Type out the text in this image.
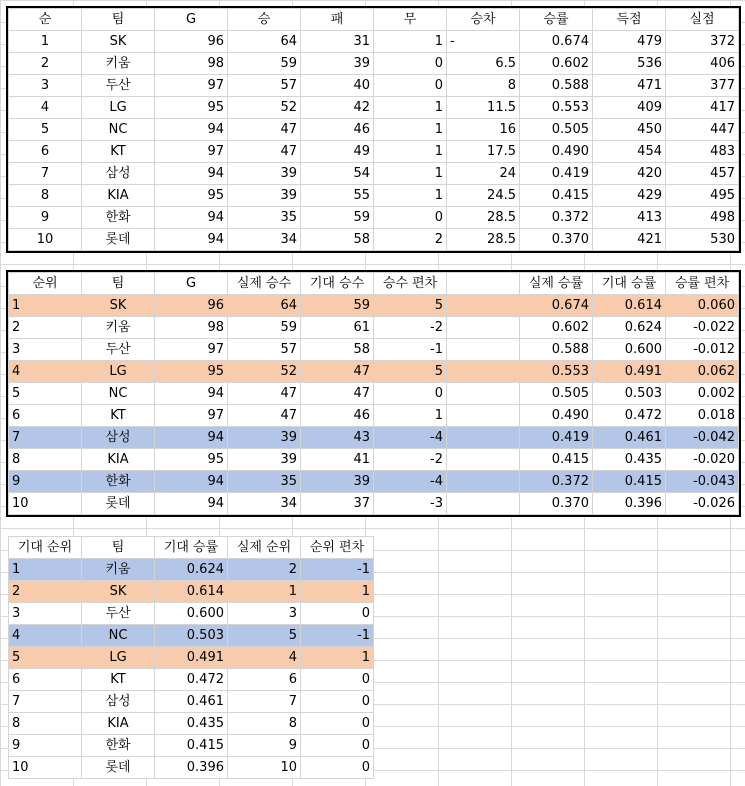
순	팀	G	승	패	무	승차	승률	득점	실점
1	SK	96	64	31	1	-	0.674	479	372
2	키움	98	59	39	0	6.5	0.602	536	406
3	두산	97	57	40	0	8	0.588	471	377
4	LG	95	52	42	1	11.5	0.553	409	417
5	NC	94	47	46	1	16	0.505	450	447
6	KT	97	47	49	1	17.5	0.490	454	483
7	삼성	94	39	54	1	24	0.419	420	457
8	KIA	95	39	55	1	24.5	0.415	429	495
9	한화	94	35	59	0	28.5	0.372	413	498
10	롯데	94	34	58	2	28.5	0.370	421	530
순위	팀	G	실제 승수	기대 승수	승수 편차		실제 승률	기대 승률	승률 편차
1	SK	96	64	59	5		0.674	0.614	0.060
2	키움	98	59	61	-2		0.602	0.624	-0.022
3	두산	97	57	58	-1		0.588	0.600	-0.012
4	LG	95	52	47	5		0.553	0.491	0.062
5	NC	94	47	47	0		0.505	0.503	0.002
6	KT	97	47	46	1		0.490	0.472	0.018
7	삼성	94	39	43	-4		0.419	0.461	-0.042
8	KIA	95	39	41	-2		0.415	0.435	-0.020
9	한화	94	35	39	-4		0.372	0.415	-0.043
10	롯데	94	34	37	-3		0.370	0.396	-0.026
기대 순위	팀	기대 승률	실제 순위	순위 편차
1	키움	0.624	2	-1
2	SK	0.614	1	1
3	두산	0.600	3	0
4	NC	0.503	5	-1
5	LG	0.491	4	1
6	KT	0.472	6	0
7	삼성	0.461	7	0
8	KIA	0.435	8	0
9	한화	0.415	9	0
10	롯데	0.396	10	0
